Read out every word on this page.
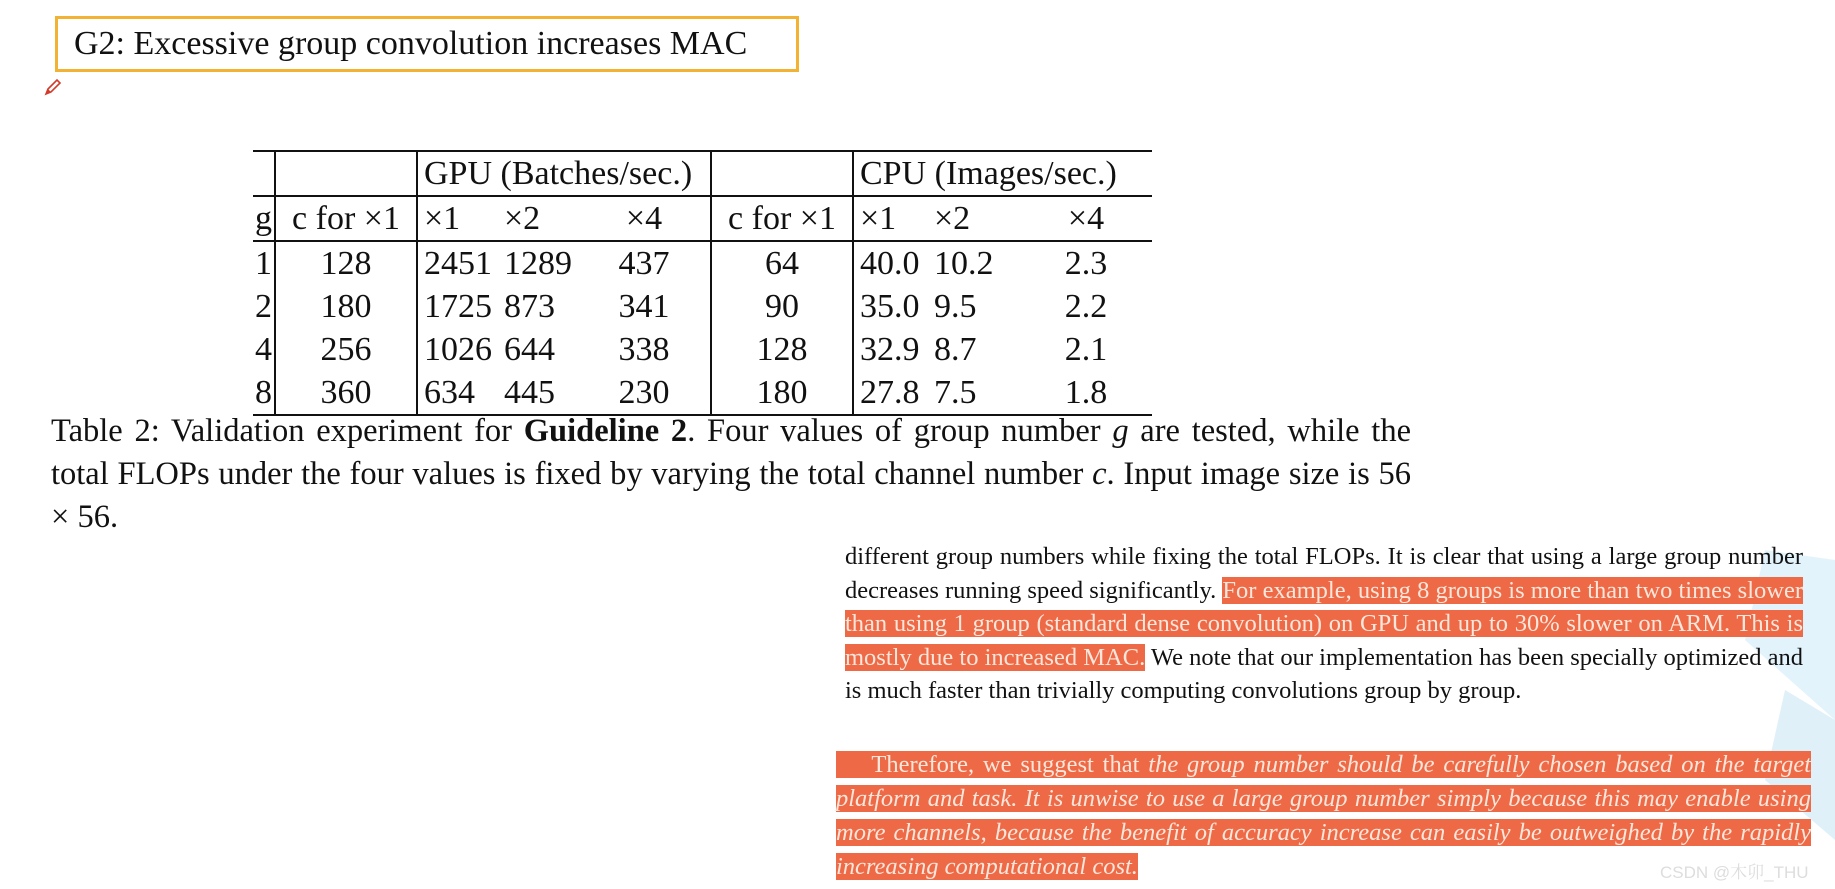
G2: Excessive group convolution increases MAC
		GPU (Batches/sec.)				CPU (Images/sec.)		
g	c for ×1	×1	×2	×4	c for ×1	×1	×2	×4
1	128	2451	1289	437	64	40.0	10.2	2.3
2	180	1725	873	341	90	35.0	9.5	2.2
4	256	1026	644	338	128	32.9	8.7	2.1
8	360	634	445	230	180	27.8	7.5	1.8
Table 2: Validation experiment for Guideline 2. Four values of group number g are tested, while the total FLOPs under the four values is fixed by varying the total channel number c. Input image size is 56 × 56.
different group numbers while fixing the total FLOPs. It is clear that using a large group number decreases running speed significantly. For example, using 8 groups is more than two times slower than using 1 group (standard dense convolution) on GPU and up to 30% slower on ARM. This is mostly due to increased MAC. We note that our implementation has been specially optimized and is much faster than trivially computing convolutions group by group.
Therefore, we suggest that the group number should be carefully chosen based on the target platform and task. It is unwise to use a large group number simply because this may enable using more channels, because the benefit of accuracy increase can easily be outweighed by the rapidly increasing computational cost.	CSDN @木卯_THU
